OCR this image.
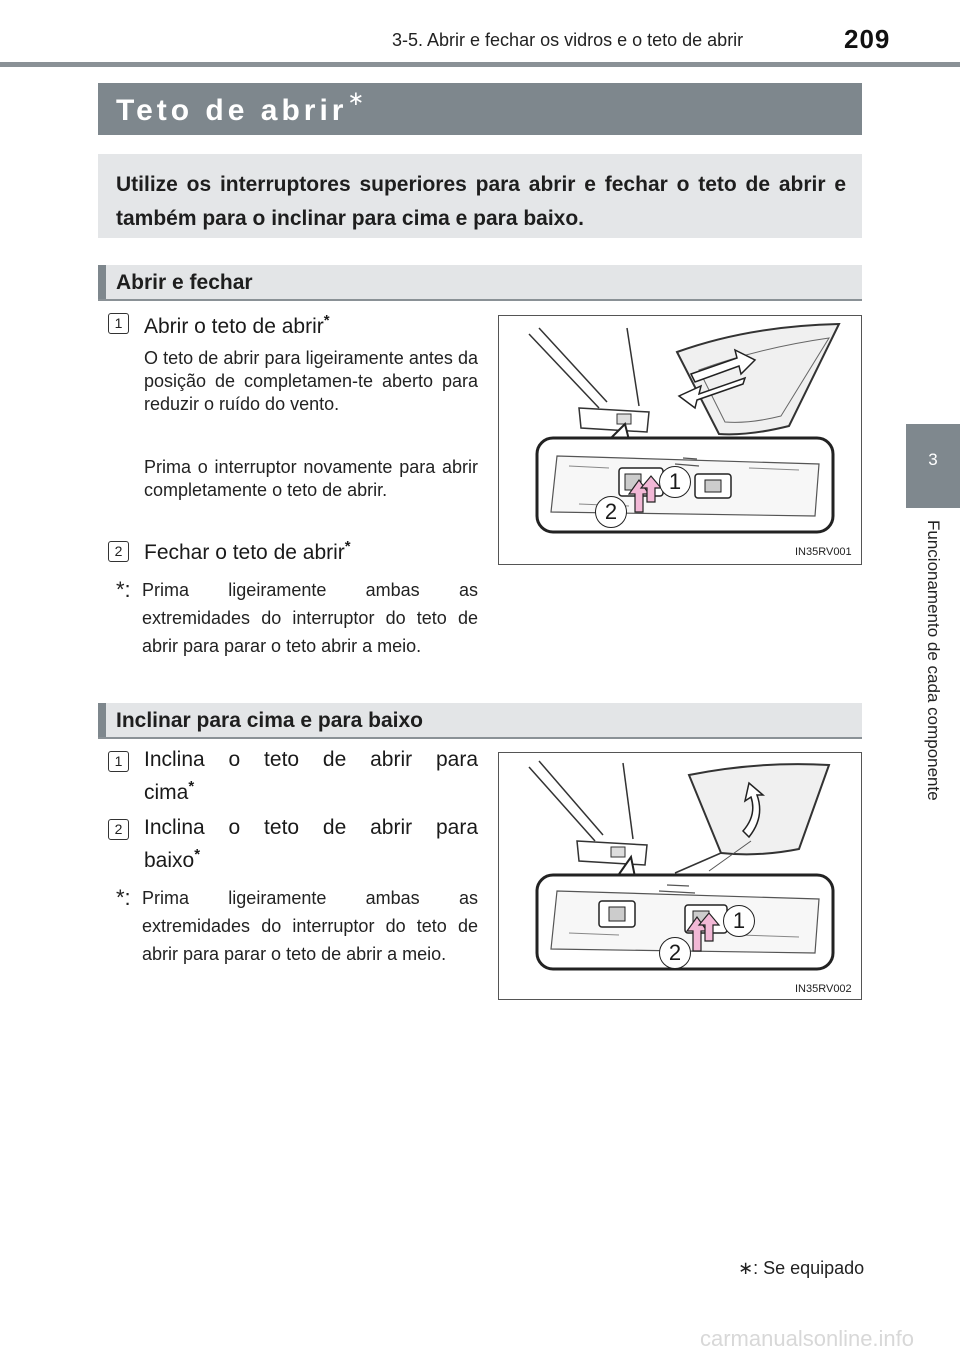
3-5. Abrir e fechar os vidros e o teto de abrir	209
3
Funcionamento de cada componente
Teto de abrir∗

Utilize os interruptores superiores para abrir e fechar o teto de abrir e também para o inclinar para cima e para baixo.

Abrir e fechar
1	Abrir o teto de abrir*
O teto de abrir para ligeiramente antes da posição de completamen-te aberto para reduzir o ruído do vento.
Prima o interruptor novamente para abrir completamente o teto de abrir.
2	Fechar o teto de abrir*
*: Prima ligeiramente ambas as extremidades do interruptor do teto de abrir para parar o teto abrir a meio.
1
2
IN35RV001
Inclinar para cima e para baixo
1	Inclina o teto de abrir para
cima*
2	Inclina o teto de abrir para
baixo*
*: Prima ligeiramente ambas as extremidades do interruptor do teto de abrir para parar o teto de abrir a meio.
1
2
IN35RV002
∗: Se equipado
carmanualsonline.info
